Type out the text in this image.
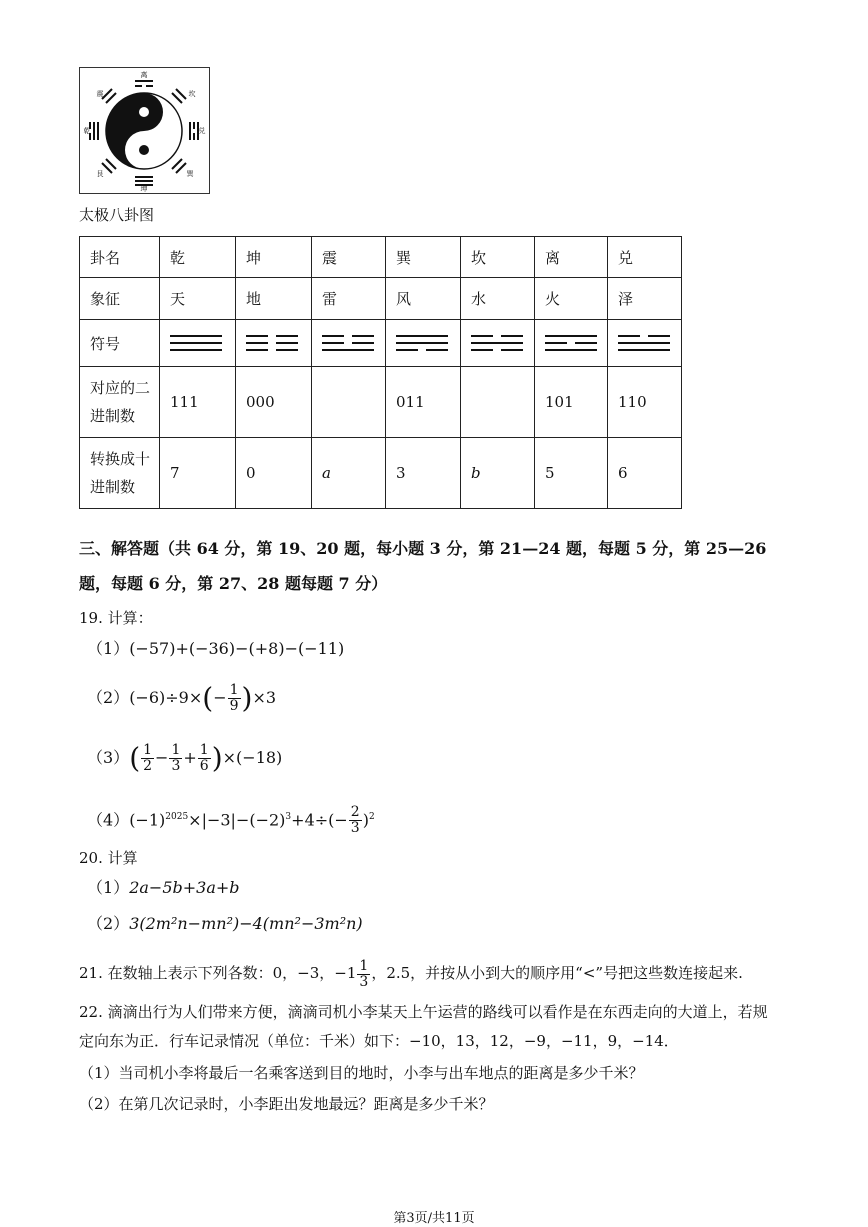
离
坤
兑
乾
坎
艮
震
巽
太极八卦图
卦名	乾	坤	震	巽	坎	离	兑
象征	天	地	雷	风	水	火	泽
符号	

对应的二
进制数	111	000		011		101	110

转换成十
进制数	7	0	a	3	b	5	6
三、解答题（共 64 分，第 19、20 题，每小题 3 分，第 21—24 题，每题 5 分，第 25—26
题，每题 6 分，第 27、28 题每题 7 分）
19. 计算：
（1）(−57)+(−36)−(+8)−(−11)
$(2)(-6)\div 9\times(- \frac{1}{9} )\times 3$
$(3)( \frac{1}{2} - \frac{1}{3} + \frac{1}{6} )\times(-18)$
$(4)(-1)^{2025}\times|-3|-(-2)^3+4\div(- \frac{2}{3} )^2$
20. 计算
（1）2a−5b+3a+b
（2）3(2m²n−mn²)−4(mn²−3m²n)
21. 在数轴上表示下列各数：0，−3，$-1 \frac{1}{3}$ ，2.5，并按从小到大的顺序用“<”号把这些数连接起来.
22. 滴滴出行为人们带来方便，滴滴司机小李某天上午运营的路线可以看作是在东西走向的大道上，若规
定向东为正．行车记录情况（单位：千米）如下：−10，13，12，−9，−11，9，−14．
（1）当司机小李将最后一名乘客送到目的地时，小李与出车地点的距离是多少千米？
（2）在第几次记录时，小李距出发地最远？距离是多少千米？
第3页/共11页
